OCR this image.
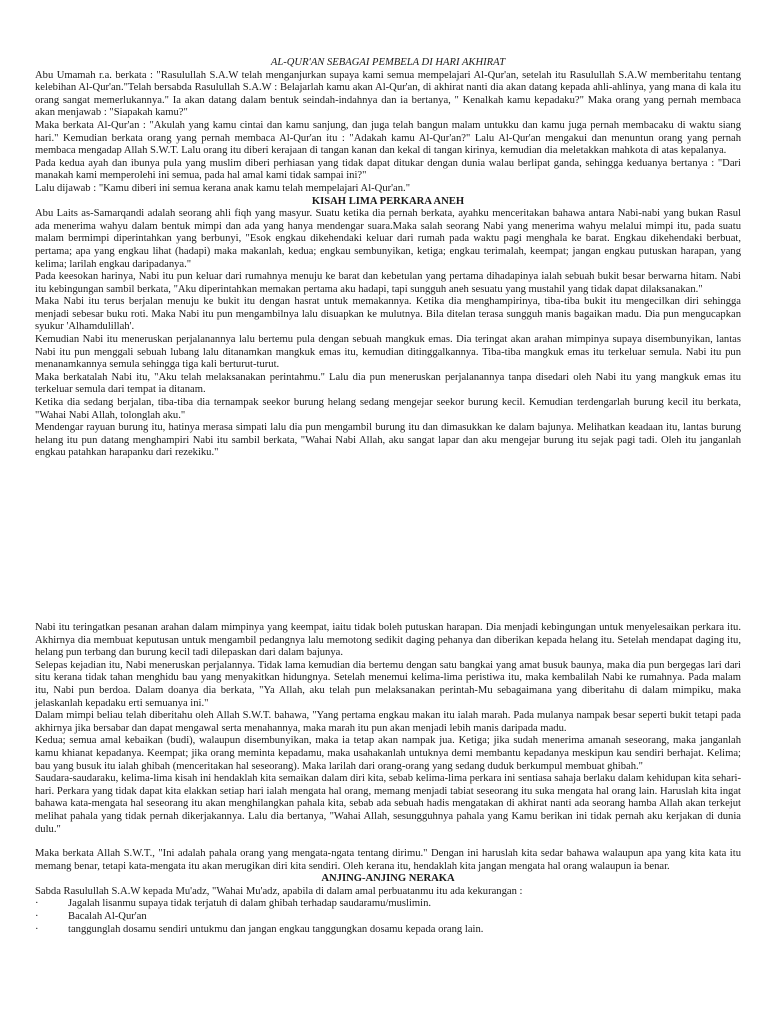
AL-QUR'AN SEBAGAI PEMBELA DI HARI AKHIRAT

Abu Umamah r.a. berkata : "Rasulullah S.A.W telah menganjurkan supaya kami semua mempelajari Al-Qur'an, setelah itu Rasulullah S.A.W memberitahu tentang kelebihan Al-Qur'an."Telah bersabda Rasulullah S.A.W : Belajarlah kamu akan Al-Qur'an, di akhirat nanti dia akan datang kepada ahli-ahlinya, yang mana di kala itu orang sangat memerlukannya." Ia akan datang dalam bentuk seindah-indahnya dan ia bertanya, " Kenalkah kamu kepadaku?" Maka orang yang pernah membaca akan menjawab : "Siapakah kamu?"

Maka berkata Al-Qur'an : "Akulah yang kamu cintai dan kamu sanjung, dan juga telah bangun malam untukku dan kamu juga pernah membacaku di waktu siang hari." Kemudian berkata orang yang pernah membaca Al-Qur'an itu : "Adakah kamu Al-Qur'an?" Lalu Al-Qur'an mengakui dan menuntun orang yang pernah membaca mengadap Allah S.W.T. Lalu orang itu diberi kerajaan di tangan kanan dan kekal di tangan kirinya, kemudian dia meletakkan mahkota di atas kepalanya.

Pada kedua ayah dan ibunya pula yang muslim diberi perhiasan yang tidak dapat ditukar dengan dunia walau berlipat ganda, sehingga keduanya bertanya : "Dari manakah kami memperolehi ini semua, pada hal amal kami tidak sampai ini?"

Lalu dijawab : "Kamu diberi ini semua kerana anak kamu telah mempelajari Al-Qur'an."

KISAH LIMA PERKARA ANEH

Abu Laits as-Samarqandi adalah seorang ahli fiqh yang masyur. Suatu ketika dia pernah berkata, ayahku menceritakan bahawa antara Nabi-nabi yang bukan Rasul ada menerima wahyu dalam bentuk mimpi dan ada yang hanya mendengar suara.Maka salah seorang Nabi yang menerima wahyu melalui mimpi itu, pada suatu malam bermimpi diperintahkan yang berbunyi, "Esok engkau dikehendaki keluar dari rumah pada waktu pagi menghala ke barat. Engkau dikehendaki berbuat, pertama; apa yang engkau lihat (hadapi) maka makanlah, kedua; engkau sembunyikan, ketiga; engkau terimalah, keempat; jangan engkau putuskan harapan, yang kelima; larilah engkau daripadanya."

Pada keesokan harinya, Nabi itu pun keluar dari rumahnya menuju ke barat dan kebetulan yang pertama dihadapinya ialah sebuah bukit besar berwarna hitam. Nabi itu kebingungan sambil berkata, "Aku diperintahkan memakan pertama aku hadapi, tapi sungguh aneh sesuatu yang mustahil yang tidak dapat dilaksanakan."

Maka Nabi itu terus berjalan menuju ke bukit itu dengan hasrat untuk memakannya. Ketika dia menghampirinya, tiba-tiba bukit itu mengecilkan diri sehingga menjadi sebesar buku roti. Maka Nabi itu pun mengambilnya lalu disuapkan ke mulutnya. Bila ditelan terasa sungguh manis bagaikan madu. Dia pun mengucapkan syukur 'Alhamdulillah'.

Kemudian Nabi itu meneruskan perjalanannya lalu bertemu pula dengan sebuah mangkuk emas. Dia teringat akan arahan mimpinya supaya disembunyikan, lantas Nabi itu pun menggali sebuah lubang lalu ditanamkan mangkuk emas itu, kemudian ditinggalkannya. Tiba-tiba mangkuk emas itu terkeluar semula. Nabi itu pun menanamkannya semula sehingga tiga kali berturut-turut.

Maka berkatalah Nabi itu, "Aku telah melaksanakan perintahmu." Lalu dia pun meneruskan perjalanannya tanpa disedari oleh Nabi itu yang mangkuk emas itu terkeluar semula dari tempat ia ditanam.

Ketika dia sedang berjalan, tiba-tiba dia ternampak seekor burung helang sedang mengejar seekor burung kecil. Kemudian terdengarlah burung kecil itu berkata, "Wahai Nabi Allah, tolonglah aku."

Mendengar rayuan burung itu, hatinya merasa simpati lalu dia pun mengambil burung itu dan dimasukkan ke dalam bajunya. Melihatkan keadaan itu, lantas burung helang itu pun datang menghampiri Nabi itu sambil berkata, "Wahai Nabi Allah, aku sangat lapar dan aku mengejar burung itu sejak pagi tadi. Oleh itu janganlah engkau patahkan harapanku dari rezekiku."

Nabi itu teringatkan pesanan arahan dalam mimpinya yang keempat, iaitu tidak boleh putuskan harapan. Dia menjadi kebingungan untuk menyelesaikan perkara itu. Akhirnya dia membuat keputusan untuk mengambil pedangnya lalu memotong sedikit daging pehanya dan diberikan kepada helang itu. Setelah mendapat daging itu, helang pun terbang dan burung kecil tadi dilepaskan dari dalam bajunya.

Selepas kejadian itu, Nabi meneruskan perjalannya. Tidak lama kemudian dia bertemu dengan satu bangkai yang amat busuk baunya, maka dia pun bergegas lari dari situ kerana tidak tahan menghidu bau yang menyakitkan hidungnya. Setelah menemui kelima-lima peristiwa itu, maka kembalilah Nabi ke rumahnya. Pada malam itu, Nabi pun berdoa. Dalam doanya dia berkata, "Ya Allah, aku telah pun melaksanakan perintah-Mu sebagaimana yang diberitahu di dalam mimpiku, maka jelaskanlah kepadaku erti semuanya ini."

Dalam mimpi beliau telah diberitahu oleh Allah S.W.T. bahawa, "Yang pertama engkau makan itu ialah marah. Pada mulanya nampak besar seperti bukit tetapi pada akhirnya jika bersabar dan dapat mengawal serta menahannya, maka marah itu pun akan menjadi lebih manis daripada madu.

Kedua; semua amal kebaikan (budi), walaupun disembunyikan, maka ia tetap akan nampak jua. Ketiga; jika sudah menerima amanah seseorang, maka janganlah kamu khianat kepadanya. Keempat; jika orang meminta kepadamu, maka usahakanlah untuknya demi membantu kepadanya meskipun kau sendiri berhajat. Kelima; bau yang busuk itu ialah ghibah (menceritakan hal seseorang). Maka larilah dari orang-orang yang sedang duduk berkumpul membuat ghibah."

Saudara-saudaraku, kelima-lima kisah ini hendaklah kita semaikan dalam diri kita, sebab kelima-lima perkara ini sentiasa sahaja berlaku dalam kehidupan kita sehari-hari. Perkara yang tidak dapat kita elakkan setiap hari ialah mengata hal orang, memang menjadi tabiat seseorang itu suka mengata hal orang lain. Haruslah kita ingat bahawa kata-mengata hal seseorang itu akan menghilangkan pahala kita, sebab ada sebuah hadis mengatakan di akhirat nanti ada seorang hamba Allah akan terkejut melihat pahala yang tidak pernah dikerjakannya. Lalu dia bertanya, "Wahai Allah, sesungguhnya pahala yang Kamu berikan ini tidak pernah aku kerjakan di dunia dulu."

Maka berkata Allah S.W.T., "Ini adalah pahala orang yang mengata-ngata tentang dirimu." Dengan ini haruslah kita sedar bahawa walaupun apa yang kita kata itu memang benar, tetapi kata-mengata itu akan merugikan diri kita sendiri. Oleh kerana itu, hendaklah kita jangan mengata hal orang walaupun ia benar.

ANJING-ANJING NERAKA

Sabda Rasulullah S.A.W kepada Mu'adz, "Wahai Mu'adz, apabila di dalam amal perbuatanmu itu ada kekurangan :

·	Jagalah lisanmu supaya tidak terjatuh di dalam ghibah terhadap saudaramu/muslimin.
·	Bacalah Al-Qur'an
·	tanggunglah dosamu sendiri untukmu dan jangan engkau tanggungkan dosamu kepada orang lain.
